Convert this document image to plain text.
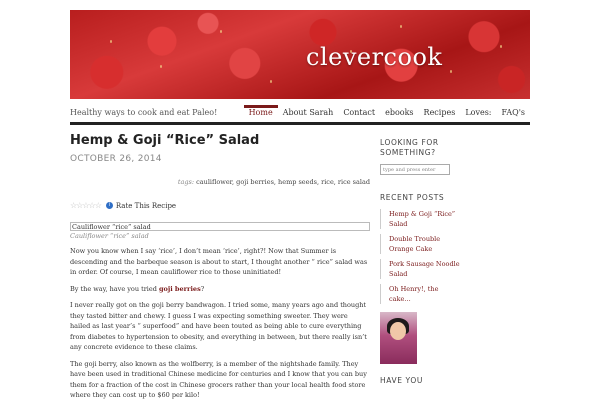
clevercook
Healthy ways to cook and eat Paleo!	Home	About Sarah	Contact	ebooks	Recipes	Loves:	FAQ's
Hemp & Goji “Rice” Salad
OCTOBER 26, 2014
tags: cauliflower, goji berries, hemp seeds, rice, rice salad
☆☆☆☆☆	i Rate This Recipe
Cauliflower “rice” salad
Cauliflower “rice” salad

Now you know when I say ‘rice’, I don’t mean ‘rice’, right?! Now that Summer is descending and the barbeque season is about to start, I thought another “ rice” salad was in order. Of course, I mean cauliflower rice to those uninitiated!

By the way, have you tried goji berries?

I never really got on the goji berry bandwagon. I tried some, many years ago and thought they tasted bitter and chewy. I guess I was expecting something sweeter. They were hailed as last year’s “ superfood” and have been touted as being able to cure everything from diabetes to hypertension to obesity, and everything in between, but there really isn’t any concrete evidence to these claims.

The goji berry, also known as the wolfberry, is a member of the nightshade family. They have been used in traditional Chinese medicine for centuries and I know that you can buy them for a fraction of the cost in Chinese grocers rather than your local health food store where they can cost up to $60 per kilo!

LOOKING FOR SOMETHING?
type and press enter
RECENT POSTS
Hemp & Goji “Rice” Salad
Double Trouble Orange Cake
Pork Sausage Noodle Salad
Oh Henry!, the cake…
HAVE YOU
